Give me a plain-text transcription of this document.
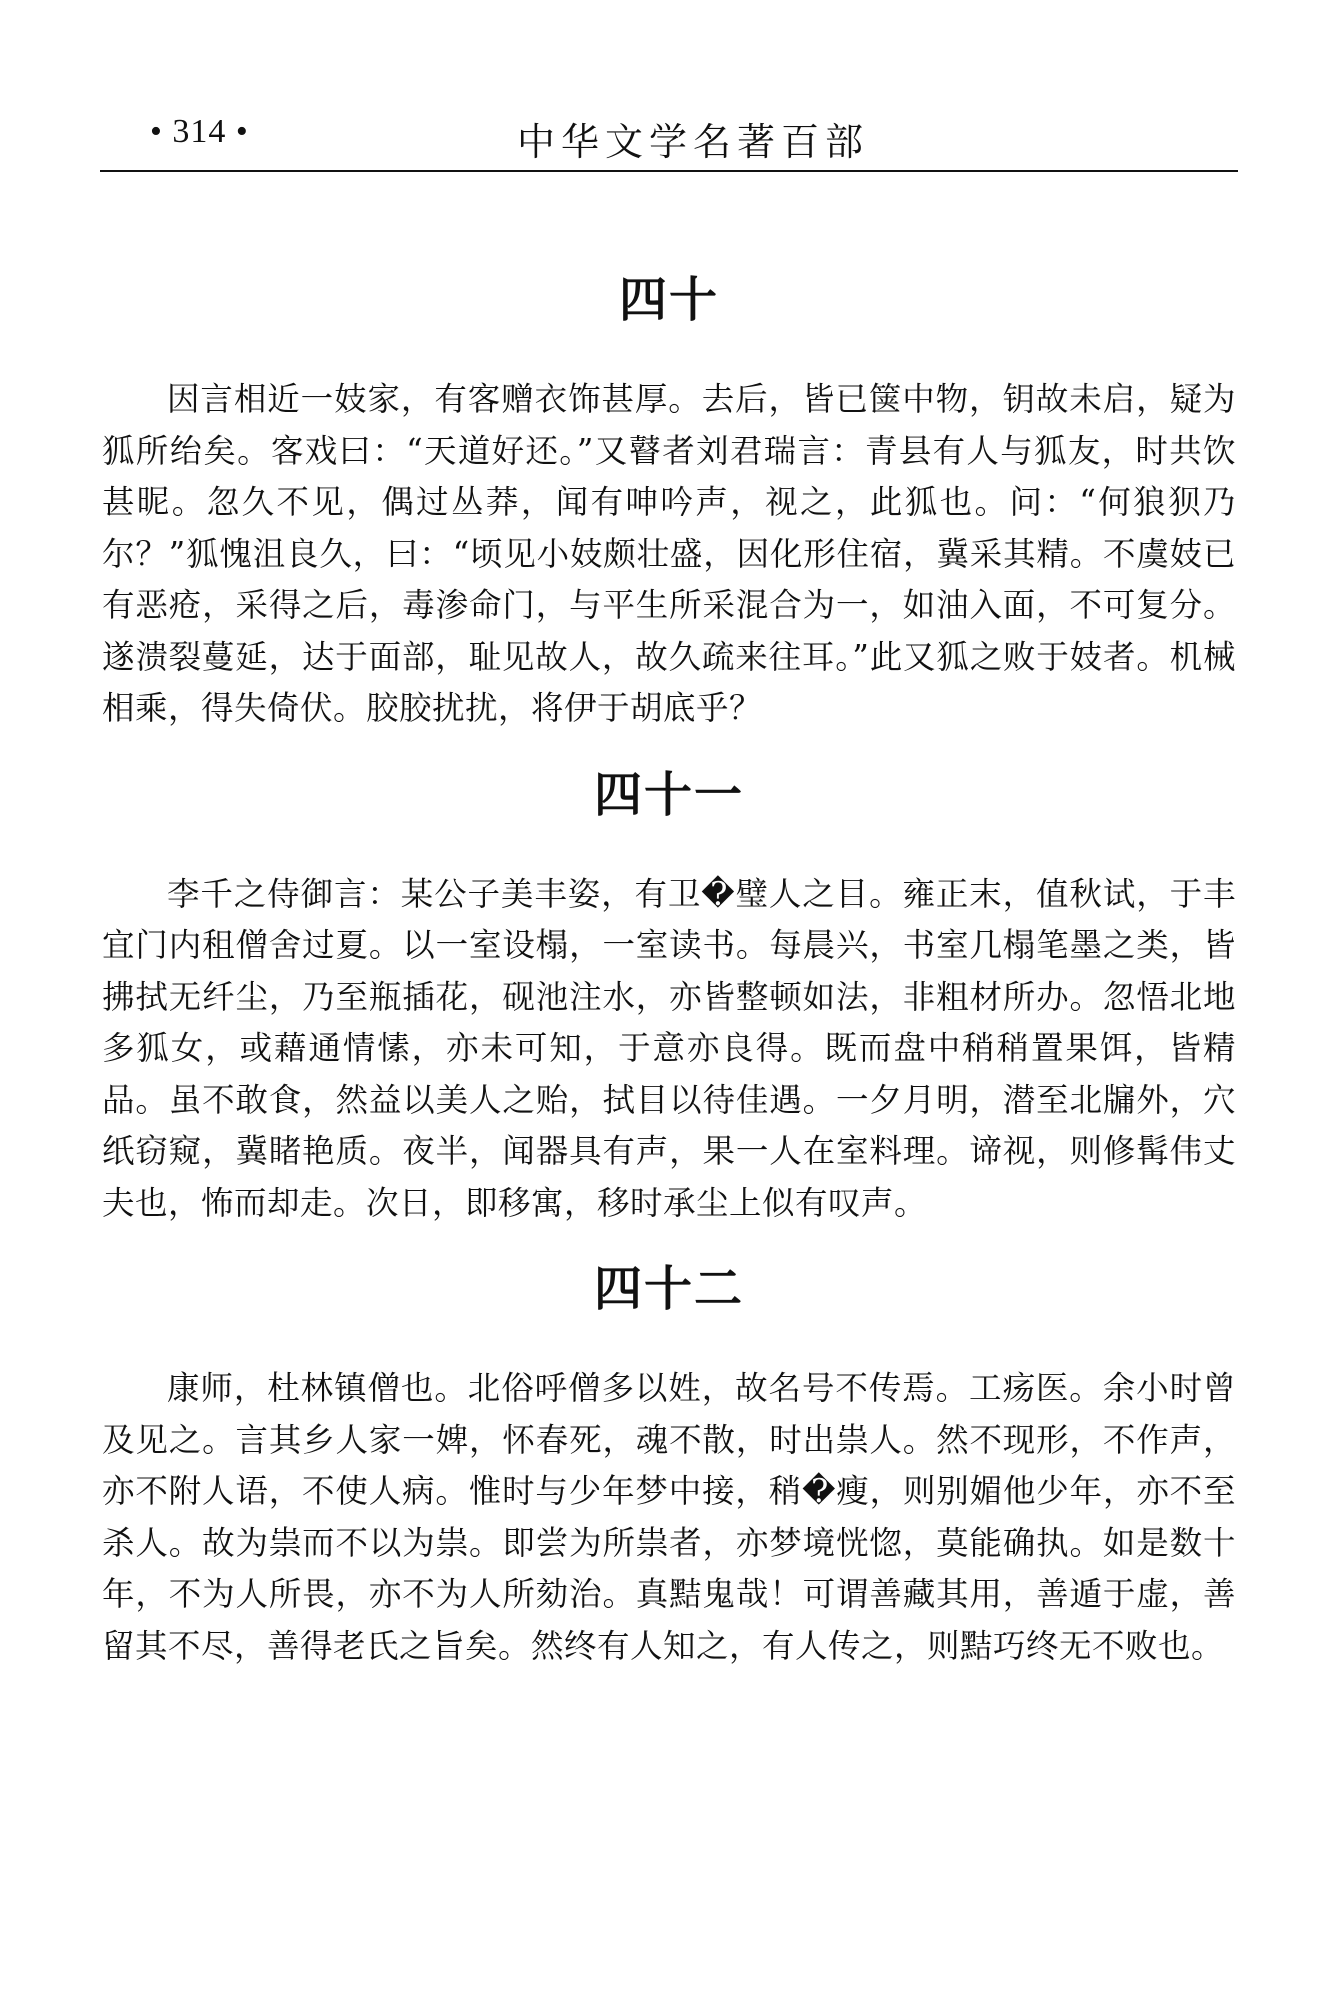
• 314 •	中华文学名著百部
四十

因言相近一妓家，有客赠衣饰甚厚。去后，皆已箧中物，钥故未启，疑为狐所绐矣。客戏曰：“天道好还。”又瞽者刘君瑞言：青县有人与狐友，时共饮甚昵。忽久不见，偶过丛莽，闻有呻吟声，视之，此狐也。问：“何狼狈乃尔？”狐愧沮良久，曰：“顷见小妓颇壮盛，因化形住宿，冀采其精。不虞妓已有恶疮，采得之后，毒渗命门，与平生所采混合为一，如油入面，不可复分。遂溃裂蔓延，达于面部，耻见故人，故久疏来往耳。”此又狐之败于妓者。机械相乘，得失倚伏。胶胶扰扰，将伊于胡底乎？

四十一

李千之侍御言：某公子美丰姿，有卫�璧人之目。雍正末，值秋试，于丰宜门内租僧舍过夏。以一室设榻，一室读书。每晨兴，书室几榻笔墨之类，皆拂拭无纤尘，乃至瓶插花，砚池注水，亦皆整顿如法，非粗材所办。忽悟北地多狐女，或藉通情愫，亦未可知，于意亦良得。既而盘中稍稍置果饵，皆精品。虽不敢食，然益以美人之贻，拭目以待佳遇。一夕月明，潜至北牖外，穴纸窃窥，冀睹艳质。夜半，闻器具有声，果一人在室料理。谛视，则修髯伟丈夫也，怖而却走。次日，即移寓，移时承尘上似有叹声。

四十二

康师，杜林镇僧也。北俗呼僧多以姓，故名号不传焉。工疡医。余小时曾及见之。言其乡人家一婢，怀春死，魂不散，时出祟人。然不现形，不作声，亦不附人语，不使人病。惟时与少年梦中接，稍�瘦，则别媚他少年，亦不至杀人。故为祟而不以为祟。即尝为所祟者，亦梦境恍惚，莫能确执。如是数十年，不为人所畏，亦不为人所劾治。真黠鬼哉！可谓善藏其用，善遁于虚，善留其不尽，善得老氏之旨矣。然终有人知之，有人传之，则黠巧终无不败也。
